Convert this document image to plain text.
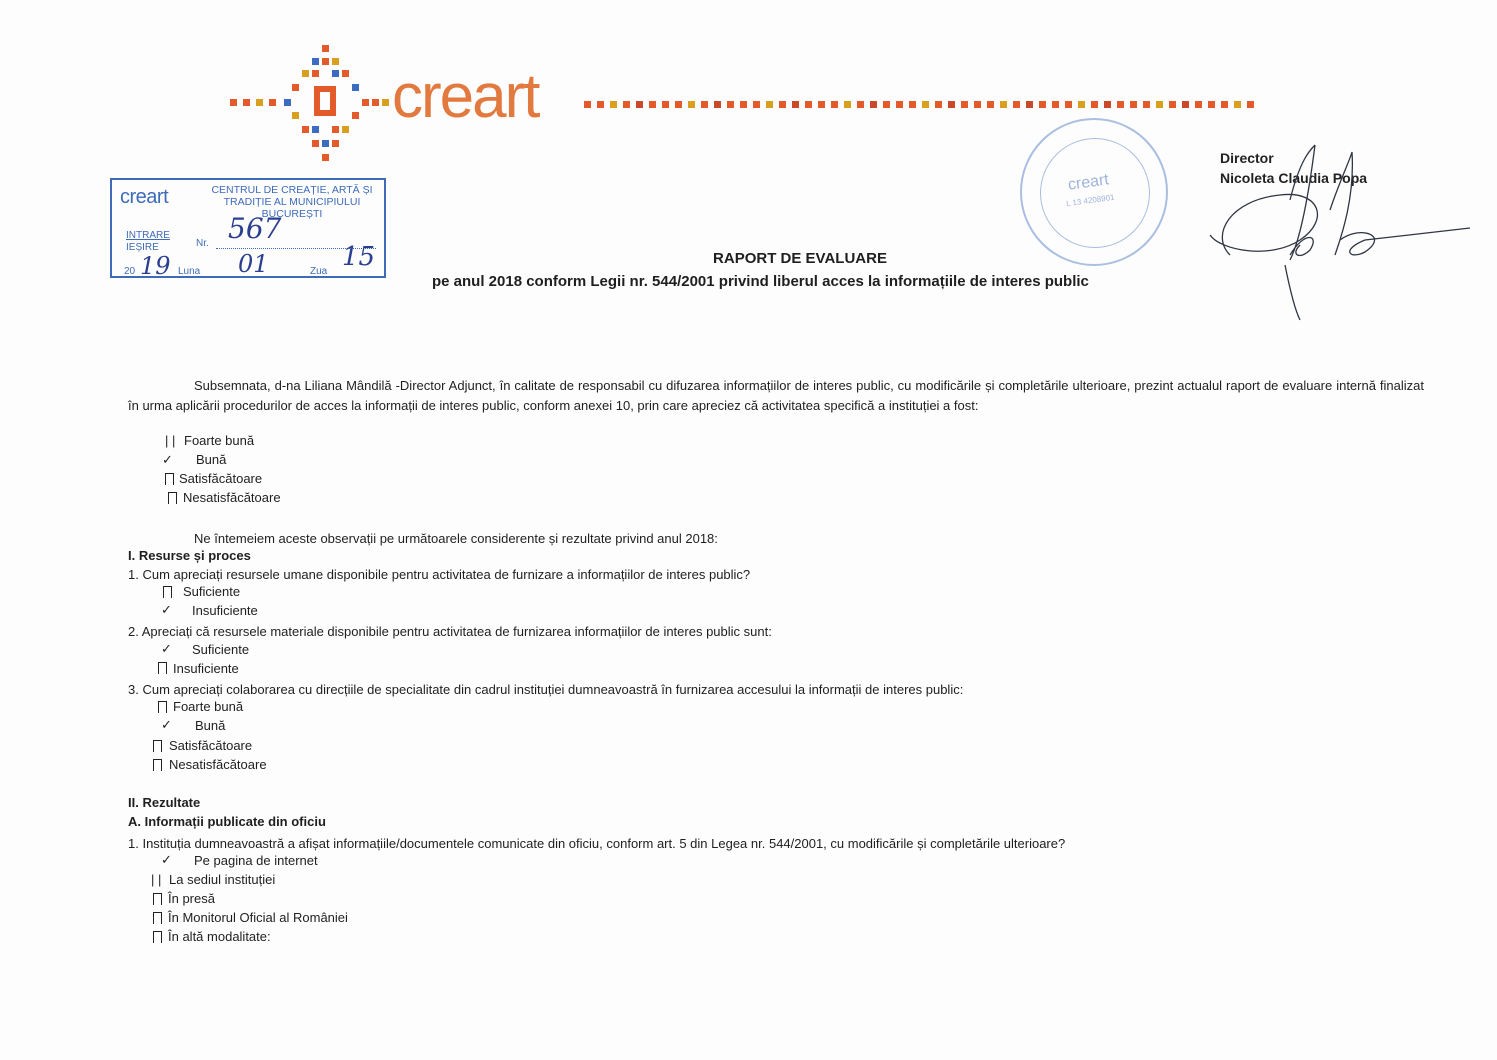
creart
creart	CENTRUL DE CREAȚIE, ARTĂ ȘI TRADIȚIE AL MUNICIPIULUI BUCUREȘTI
INTRARE
IEȘIRE	Nr. 567
20 19 Luna 01	Zua 15
creart
L 13 4208901
Director
Nicoleta Claudia Popa
RAPORT DE EVALUARE
pe anul 2018 conform Legii nr. 544/2001 privind liberul acces la informațiile de interes public
Subsemnata, d-na Liliana Mândilă -Director Adjunct, în calitate de responsabil cu difuzarea informațiilor de interes public, cu modificările și completările ulterioare, prezint actualul raport de evaluare internă finalizat în urma aplicării procedurilor de acces la informații de interes public, conform anexei 10, prin care apreciez că activitatea specifică a instituției a fost:
| | Foarte bună
✓ Bună
Satisfăcătoare
Nesatisfăcătoare
Ne întemeiem aceste observații pe următoarele considerente și rezultate privind anul 2018:
I. Resurse și proces
1. Cum apreciați resursele umane disponibile pentru activitatea de furnizare a informațiilor de interes public?
Suficiente
✓ Insuficiente
2. Apreciați că resursele materiale disponibile pentru activitatea de furnizarea informațiilor de interes public sunt:
✓ Suficiente
Insuficiente
3. Cum apreciați colaborarea cu direcțiile de specialitate din cadrul instituției dumneavoastră în furnizarea accesului la informații de interes public:
Foarte bună
✓ Bună
Satisfăcătoare
Nesatisfăcătoare
II. Rezultate
A. Informații publicate din oficiu
1. Instituția dumneavoastră a afișat informațiile/documentele comunicate din oficiu, conform art. 5 din Legea nr. 544/2001, cu modificările și completările ulterioare?
✓ Pe pagina de internet
| | La sediul instituției
În presă
În Monitorul Oficial al României
În altă modalitate:
